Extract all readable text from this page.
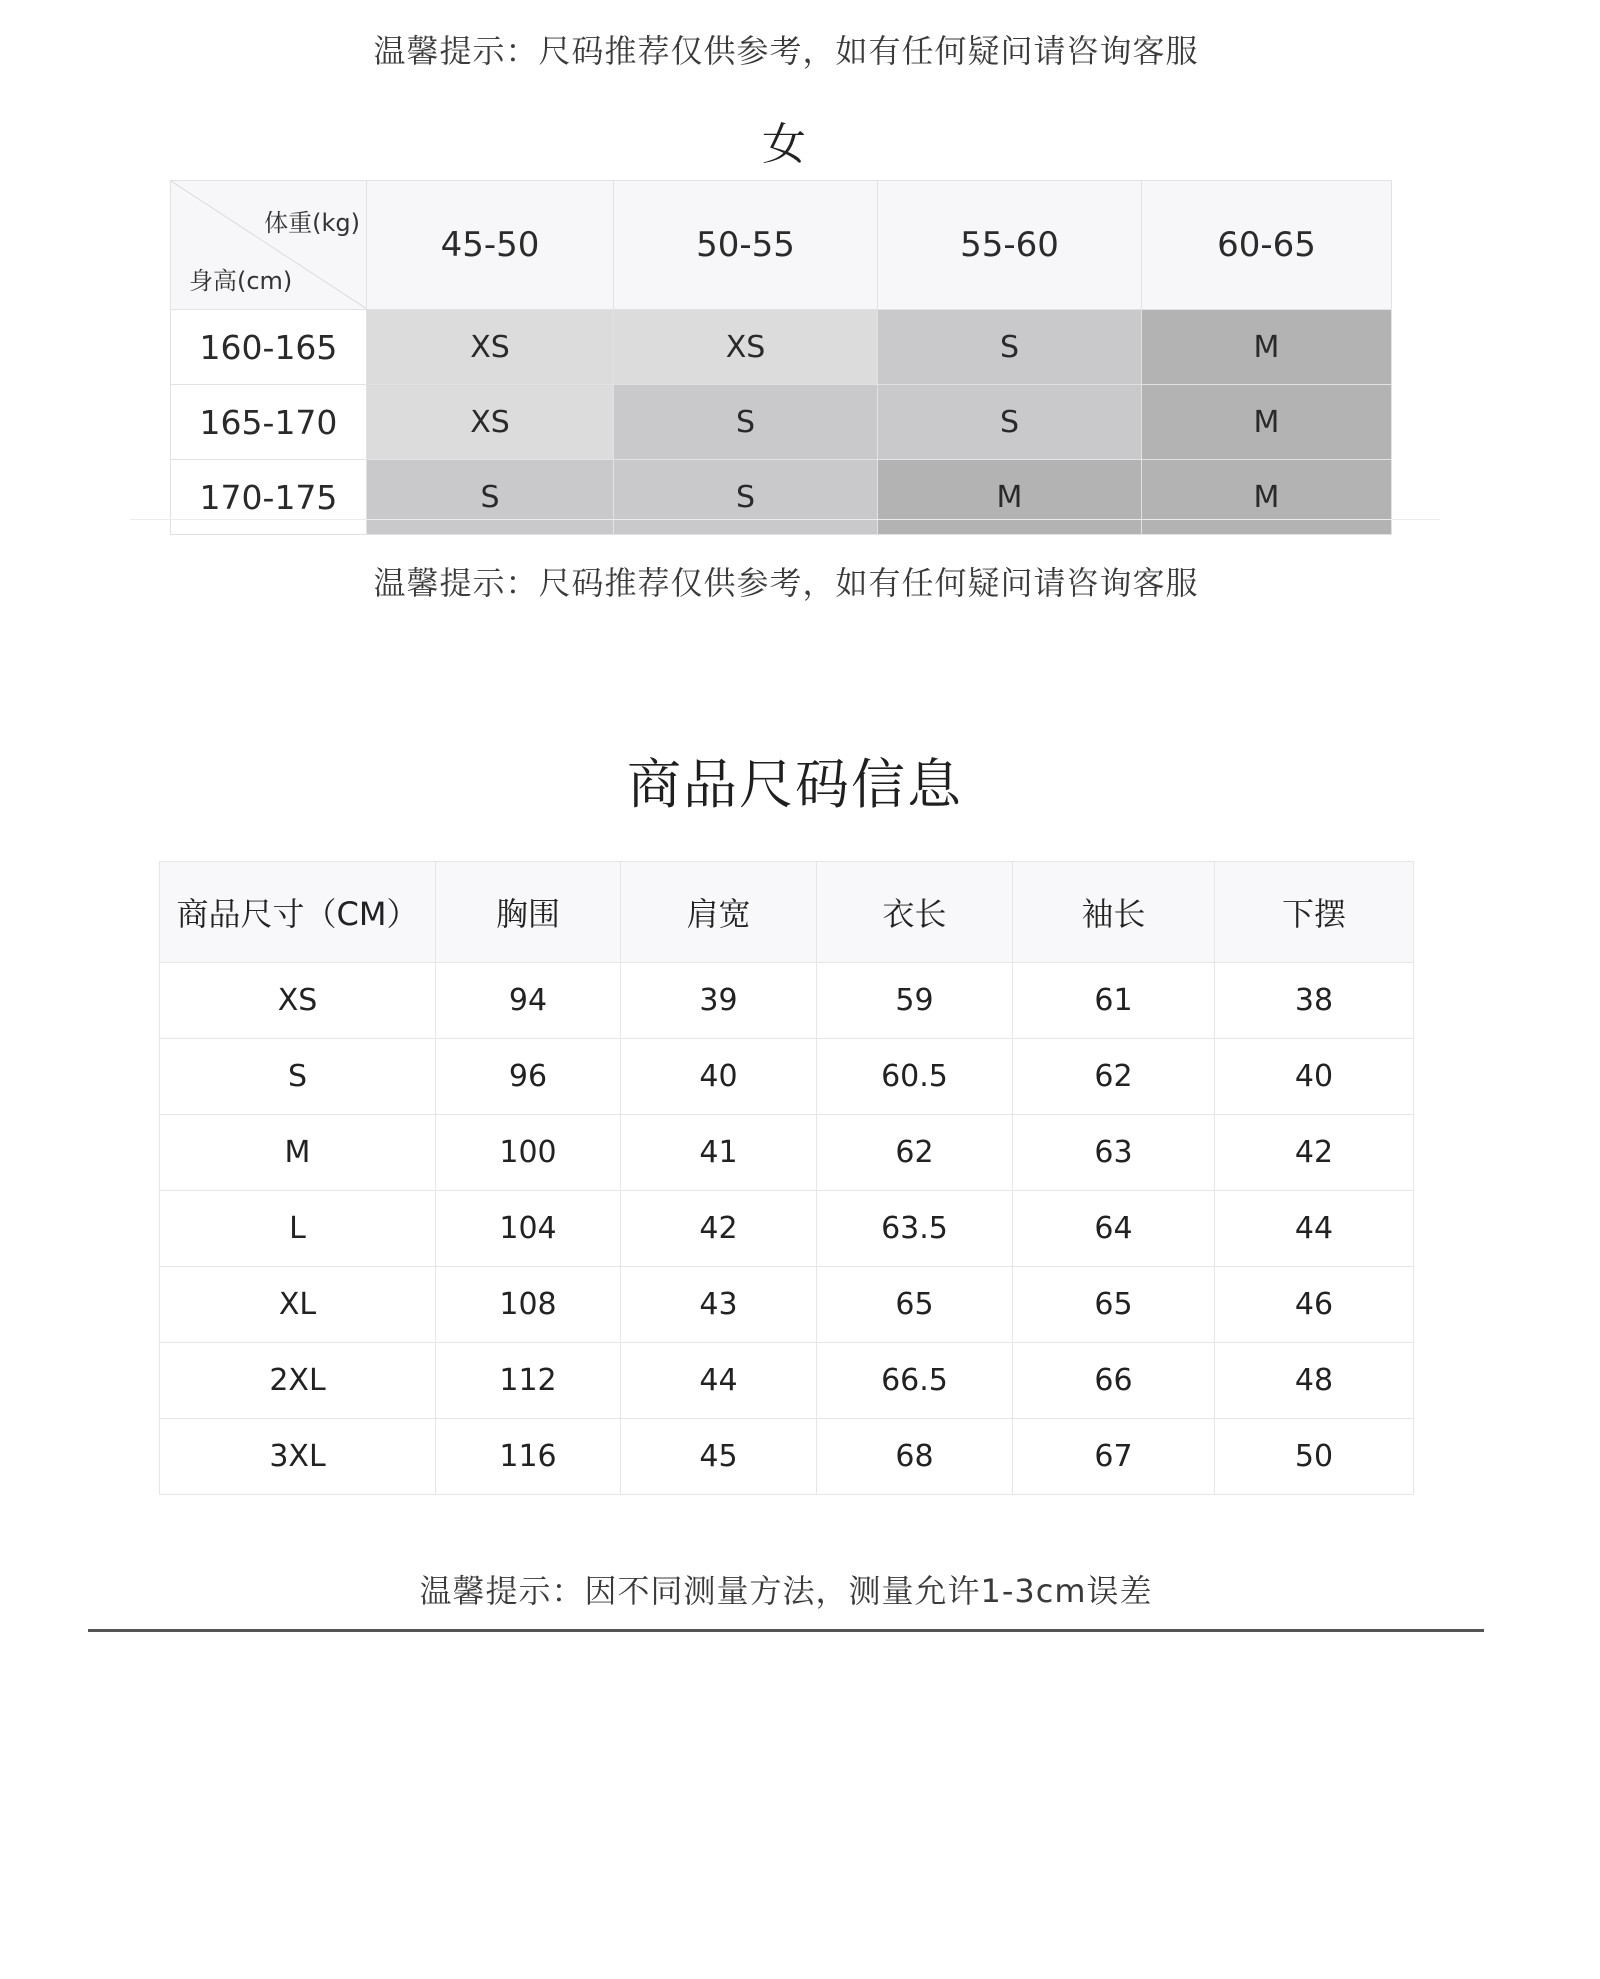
温馨提示：尺码推荐仅供参考，如有任何疑问请咨询客服
女
体重(kg)
身高(cm)	45-50	50-55	55-60	60-65
160-165	XS	XS	S	M
165-170	XS	S	S	M
170-175	S	S	M	M
温馨提示：尺码推荐仅供参考，如有任何疑问请咨询客服
商品尺码信息
商品尺寸（CM）	胸围	肩宽	衣长	袖长	下摆
XS	94	39	59	61	38
S	96	40	60.5	62	40
M	100	41	62	63	42
L	104	42	63.5	64	44
XL	108	43	65	65	46
2XL	112	44	66.5	66	48
3XL	116	45	68	67	50
温馨提示：因不同测量方法，测量允许1-3cm误差
